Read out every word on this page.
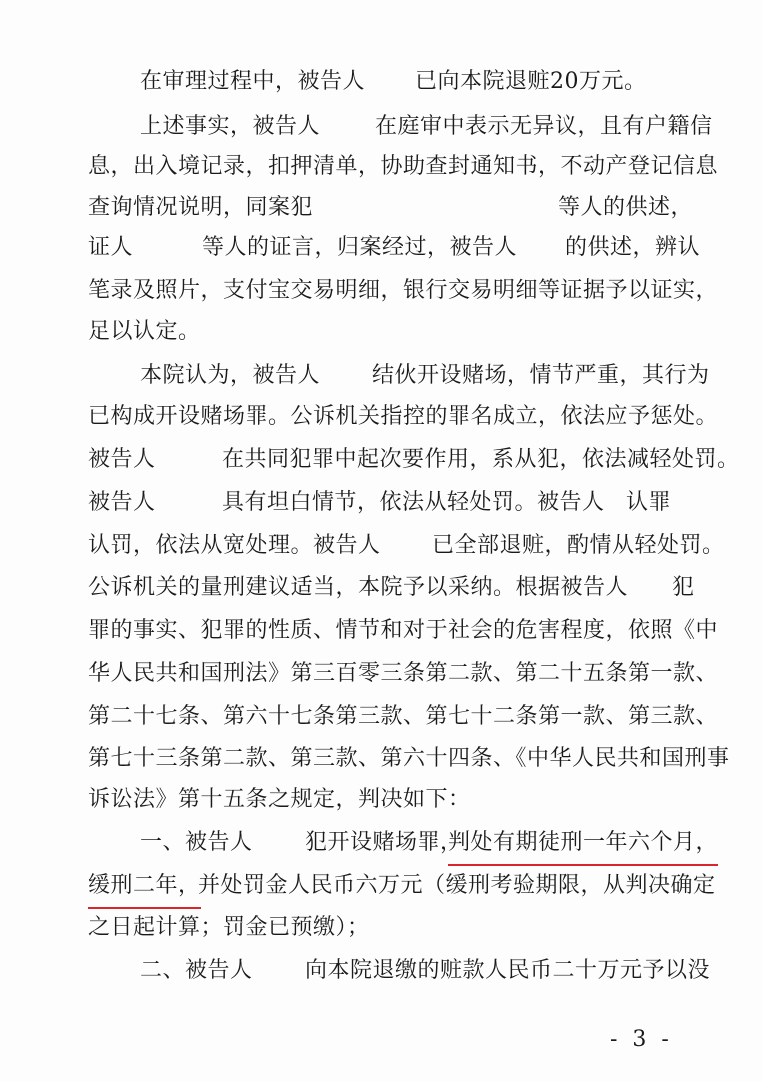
在审理过程中，被告人 已向本院退赃20万元。
上述事实，被告人 在庭审中表示无异议，且有户籍信
息，出入境记录，扣押清单，协助查封通知书，不动产登记信息
查询情况说明，同案犯	等人的供述，
证人	等人的证言，归案经过，被告人 的供述，辨认
笔录及照片，支付宝交易明细，银行交易明细等证据予以证实，
足以认定。
本院认为，被告人 结伙开设赌场，情节严重，其行为
已构成开设赌场罪。公诉机关指控的罪名成立，依法应予惩处。
被告人	在共同犯罪中起次要作用，系从犯，依法减轻处罚。
被告人	具有坦白情节，依法从轻处罚。被告人 认罪
认罚，依法从宽处理。被告人 已全部退赃，酌情从轻处罚。
公诉机关的量刑建议适当，本院予以采纳。根据被告人 犯
罪的事实、犯罪的性质、情节和对于社会的危害程度，依照《中
华人民共和国刑法》第三百零三条第二款、第二十五条第一款、
第二十七条、第六十七条第三款、第七十二条第一款、第三款、
第七十三条第二款、第三款、第六十四条、《中华人民共和国刑事
诉讼法》第十五条之规定，判决如下：
一、被告人 犯开设赌场罪，
判处有期徒刑一年六个月，
缓刑二年，
并处罚金人民币六万元（缓刑考验期限，从判决确定
之日起计算；罚金已预缴）；
二、被告人 向本院退缴的赃款人民币二十万元予以没
- 3 -
